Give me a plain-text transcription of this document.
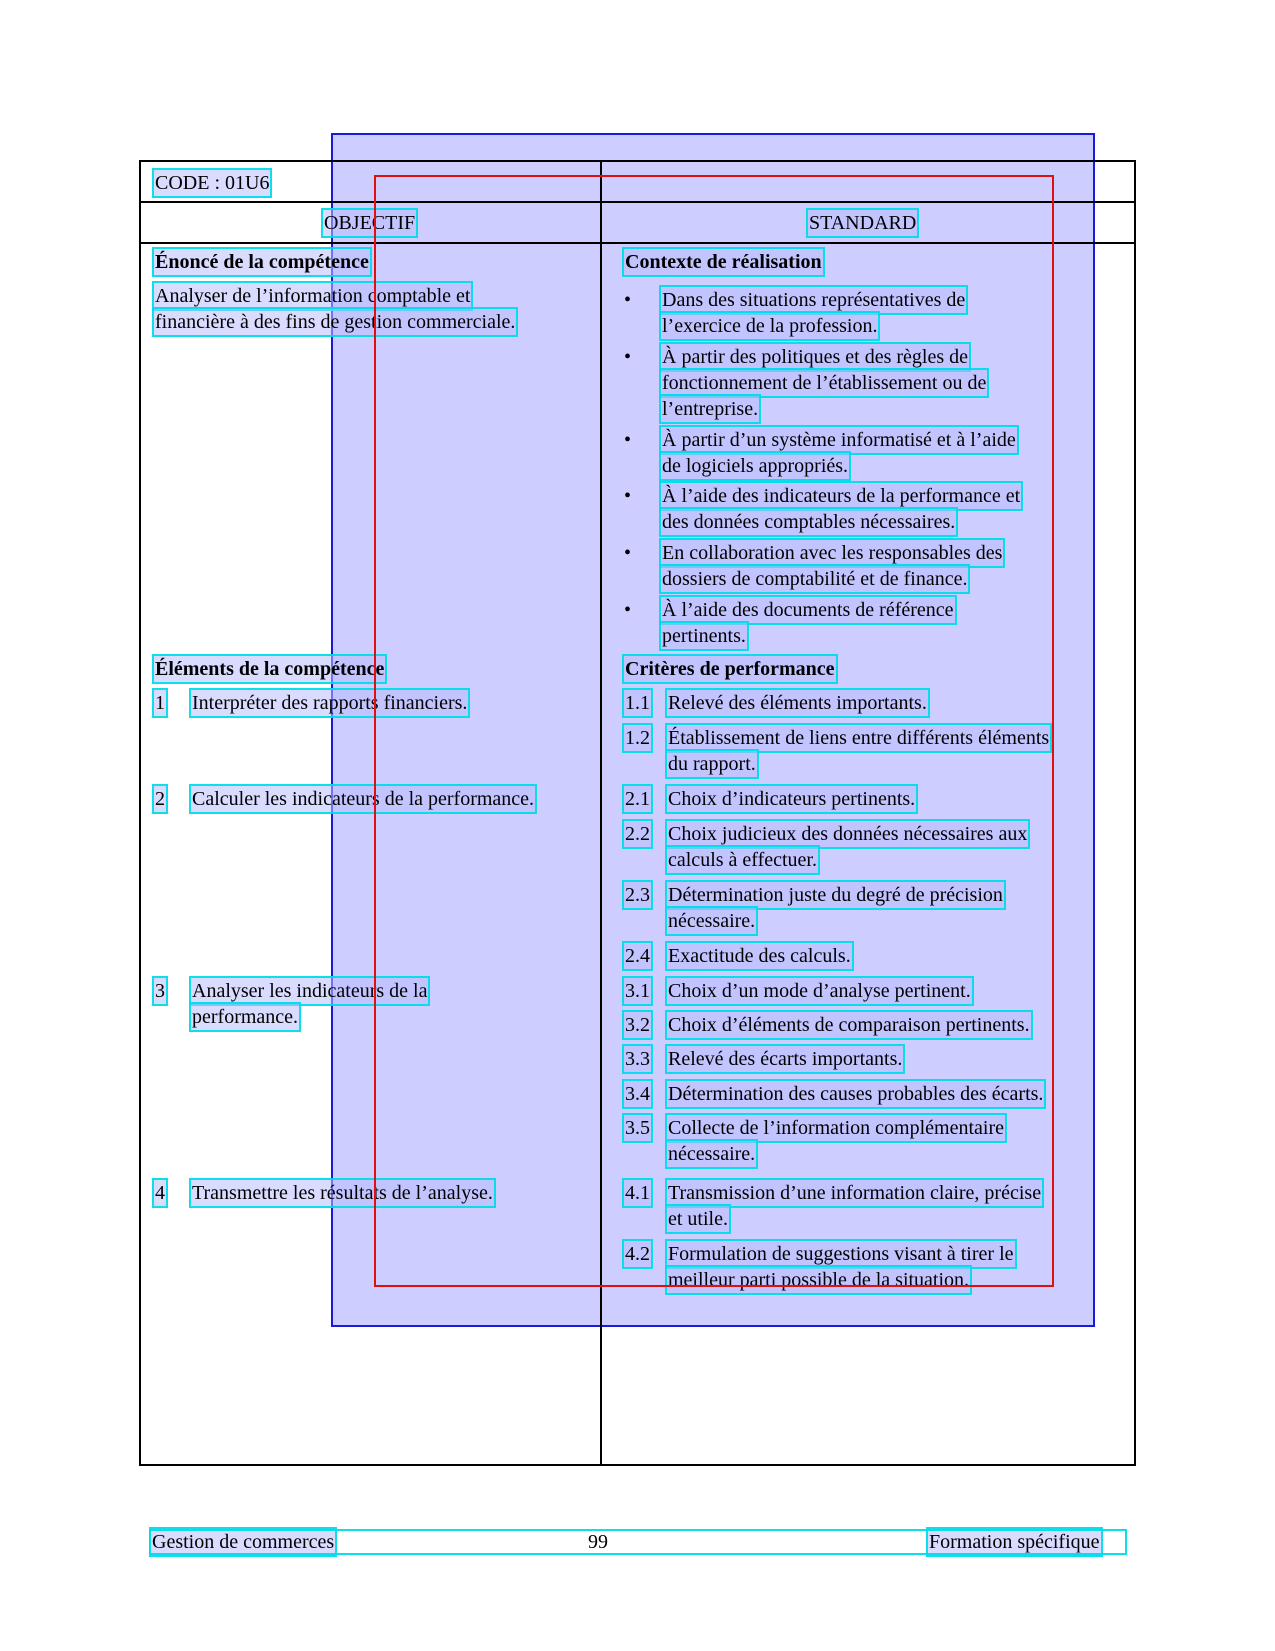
CODE : 01U6
OBJECTIF	STANDARD
Énoncé de la compétence
Analyser de l’information comptable et
financière à des fins de gestion commerciale.
Éléments de la compétence
1 Interpréter des rapports financiers.
2 Calculer les indicateurs de la performance.
3 Analyser les indicateurs de la
performance.
4 Transmettre les résultats de l’analyse.
Contexte de réalisation
• Dans des situations représentatives de
l’exercice de la profession.
• À partir des politiques et des règles de
fonctionnement de l’établissement ou de
l’entreprise.
• À partir d’un système informatisé et à l’aide
de logiciels appropriés.
• À l’aide des indicateurs de la performance et
des données comptables nécessaires.
• En collaboration avec les responsables des
dossiers de comptabilité et de finance.
• À l’aide des documents de référence
pertinents.
Critères de performance
1.1 Relevé des éléments importants.
1.2 Établissement de liens entre différents éléments
du rapport.
2.1 Choix d’indicateurs pertinents.
2.2 Choix judicieux des données nécessaires aux
calculs à effectuer.
2.3 Détermination juste du degré de précision
nécessaire.
2.4 Exactitude des calculs.
3.1 Choix d’un mode d’analyse pertinent.
3.2 Choix d’éléments de comparaison pertinents.
3.3 Relevé des écarts importants.
3.4 Détermination des causes probables des écarts.
3.5 Collecte de l’information complémentaire
nécessaire.
4.1 Transmission d’une information claire, précise
et utile.
4.2 Formulation de suggestions visant à tirer le
meilleur parti possible de la situation.
Gestion de commerces	99	Formation spécifique
